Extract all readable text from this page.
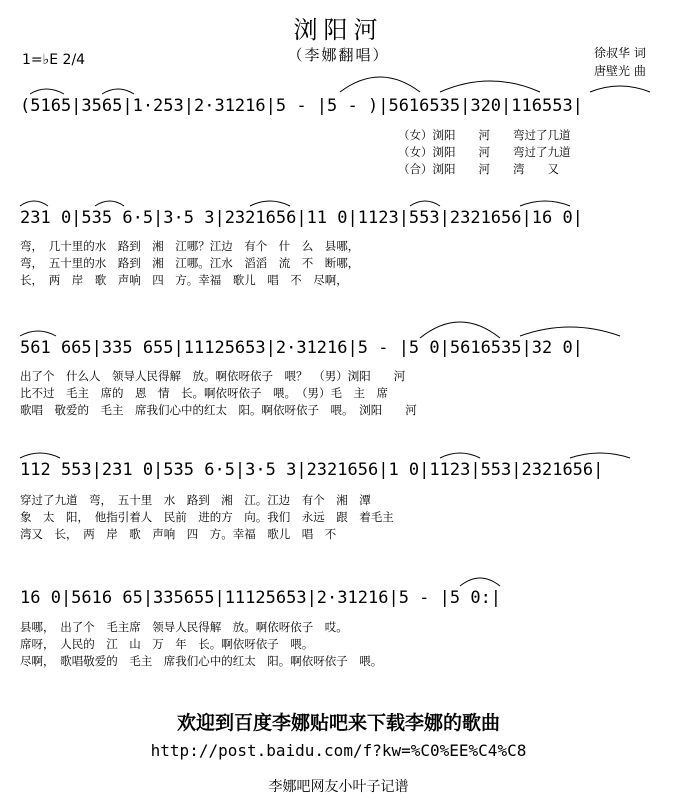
浏阳河
（李娜翻唱）
1=♭E 2/4	徐叔华 词
唐壁光 曲
(5165|3565|1·253|2·31216|5 - |5 - )|5616535|320|116553|
（女）浏阳　　河　　弯过了几道
（女）浏阳　　河　　弯过了九道
（合）浏阳　　河　　湾　　又
231 0|535 6·5|3·5 3|2321656|11 0|1123|553|2321656|16 0|
弯，　几十里的水　路到　湘　江哪？江边　有个　什　么　县哪，
弯，　五十里的水　路到　湘　江哪。江水　滔滔　流　不　断哪，
长，　两　岸　歌　声响　四　方。幸福　歌儿　唱　不　尽啊，
561 665|335 655|11125653|2·31216|5 - |5 0|5616535|32 0|
出了个　什么人　领导人民得解　放。啊依呀依子　喂？　（男）浏阳　　河
比不过　毛主　席的　恩　情　长。啊依呀依子　喂。　（男）毛　主　席
歌唱　敬爱的　毛主　席我们心中的红太　阳。啊依呀依子　喂。　浏阳　　河
112 553|231 0|535 6·5|3·5 3|2321656|1 0|1123|553|2321656|
穿过了九道　弯，　五十里　水　路到　湘　江。江边　有个　湘　潭
象　太　阳，　他指引着人　民前　进的方　向。我们　永远　跟　着毛主
湾又　长，　两　岸　歌　声响　四　方。幸福　歌儿　唱　不
16 0|5616 65|335655|11125653|2·31216|5 - |5 0:|
县哪，　出了个　毛主席　领导人民得解　放。啊依呀依子　哎。
席呀，　人民的　江　山　万　年　长。啊依呀依子　喂。
尽啊，　歌唱敬爱的　毛主　席我们心中的红太　阳。啊依呀依子　喂。
欢迎到百度李娜贴吧来下载李娜的歌曲
http://post.baidu.com/f?kw=%C0%EE%C4%C8
李娜吧网友小叶子记谱
